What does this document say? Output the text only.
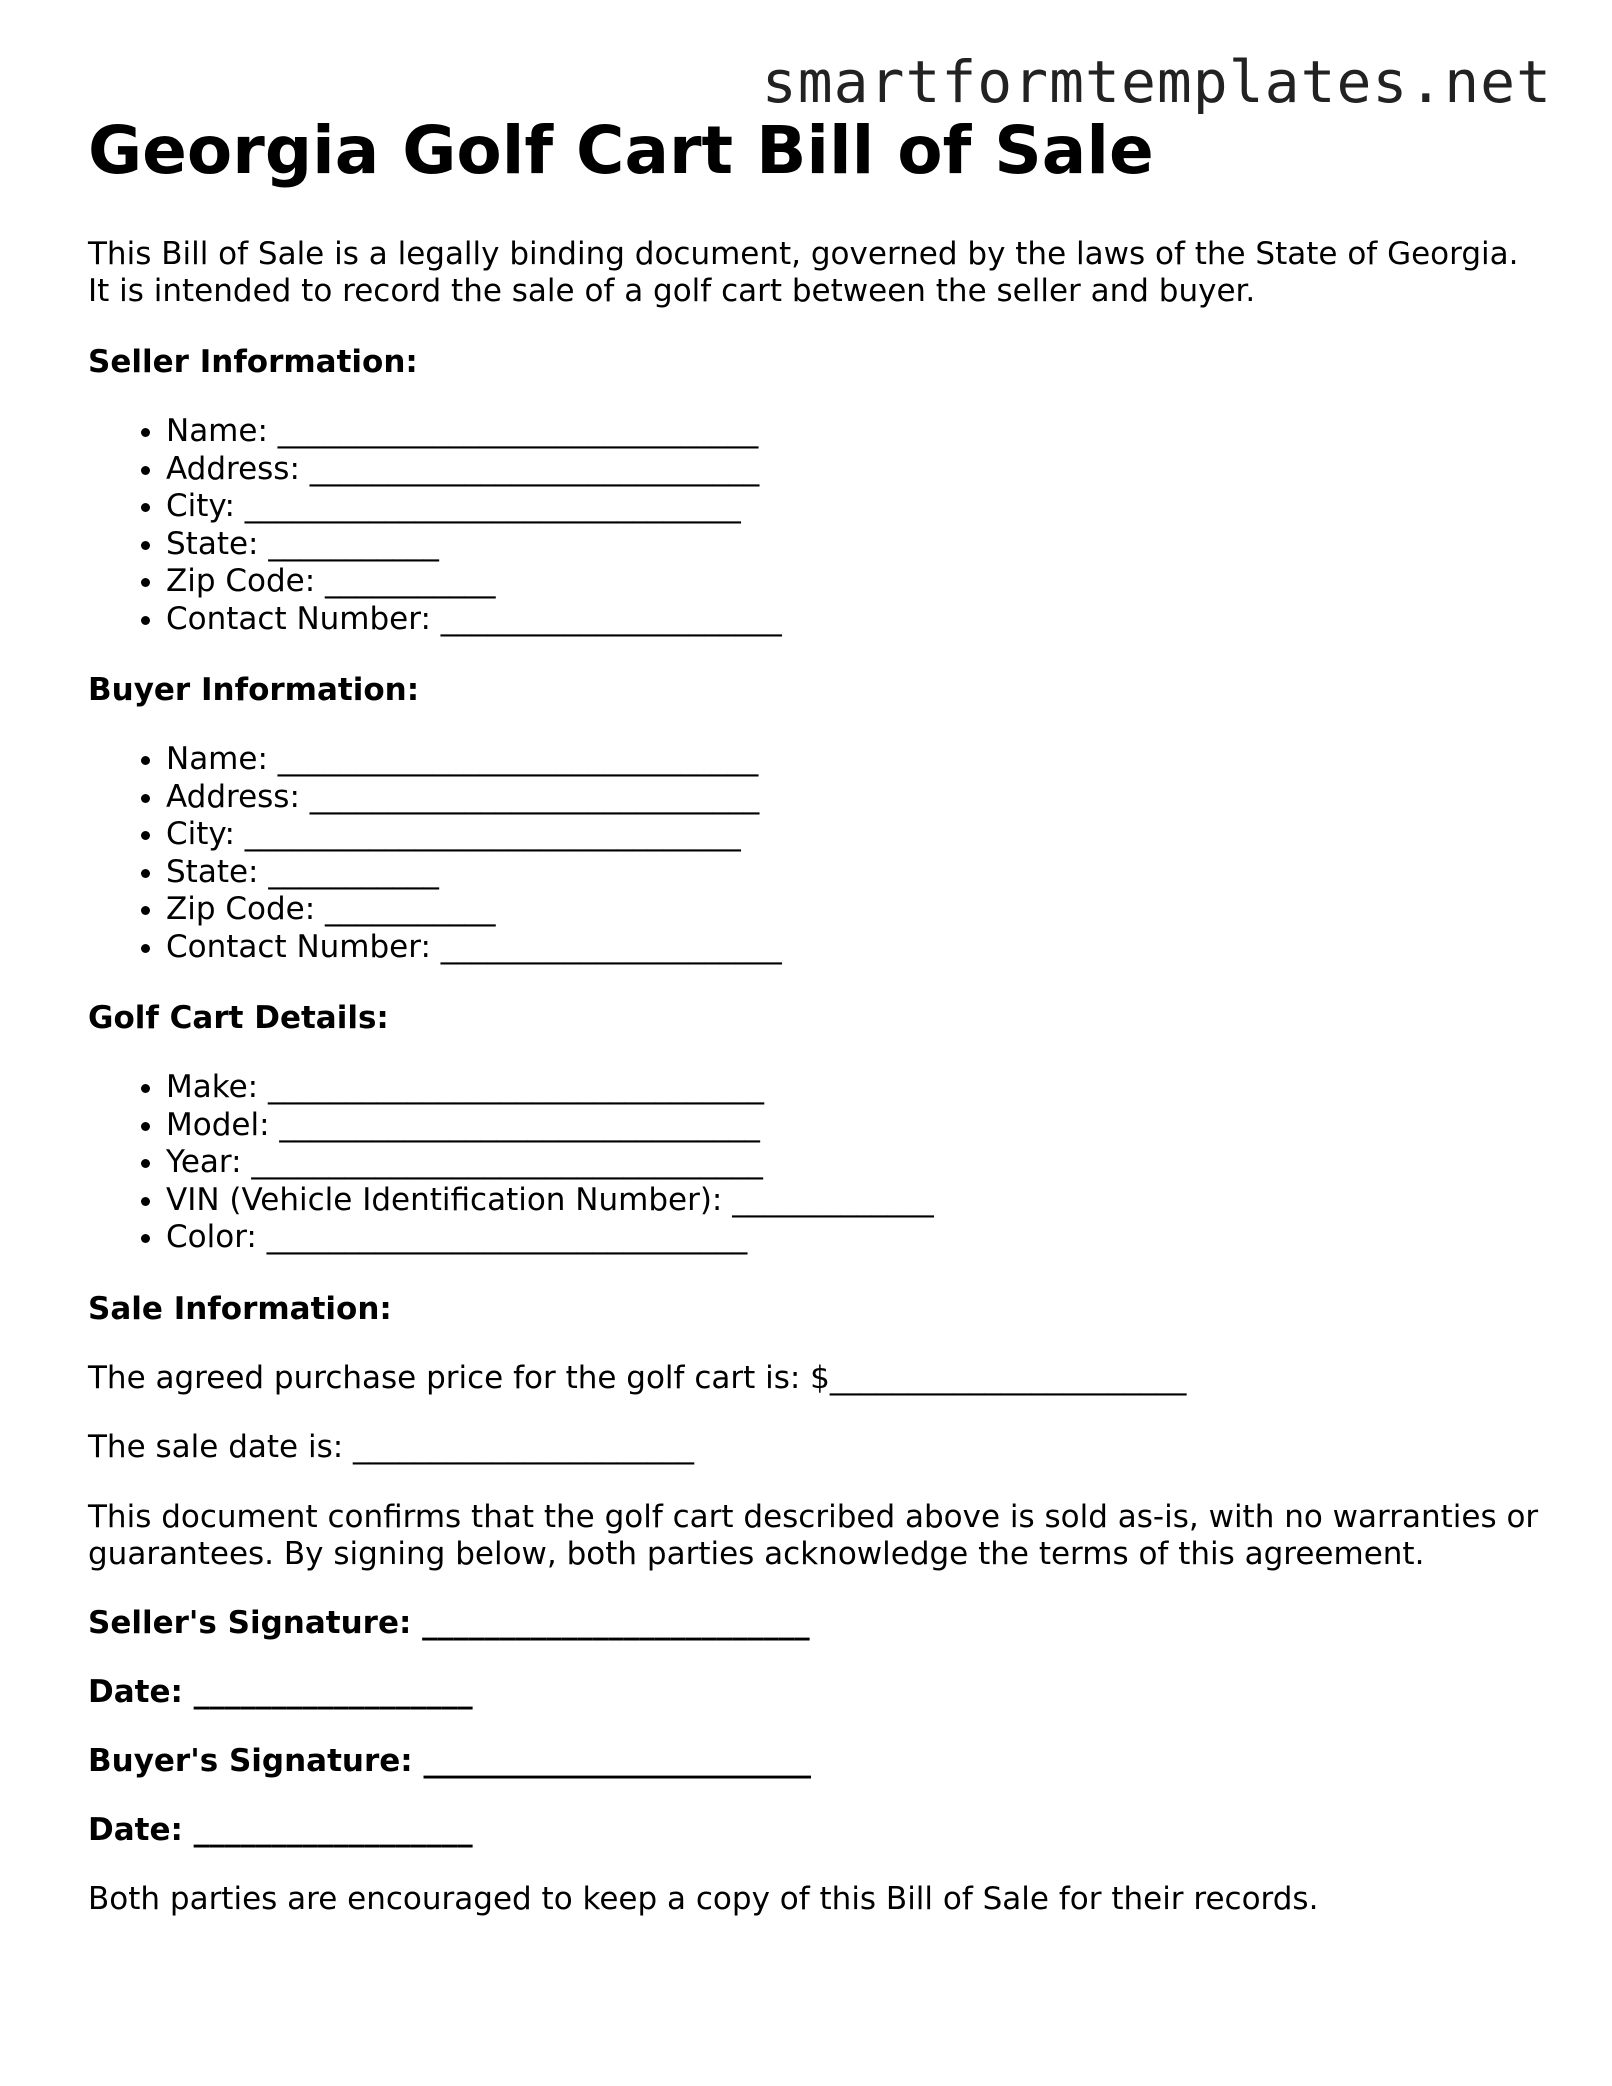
smartformtemplates.net
Georgia Golf Cart Bill of Sale

This Bill of Sale is a legally binding document, governed by the laws of the State of Georgia. It is intended to record the sale of a golf cart between the seller and buyer.

Seller Information:
• Name: _______________________________
• Address: _____________________________
• City: ________________________________
• State: ___________
• Zip Code: ___________
• Contact Number: ______________________
Buyer Information:
• Name: _______________________________
• Address: _____________________________
• City: ________________________________
• State: ___________
• Zip Code: ___________
• Contact Number: ______________________
Golf Cart Details:
• Make: ________________________________
• Model: _______________________________
• Year: _________________________________
• VIN (Vehicle Identification Number): _____________
• Color: _______________________________
Sale Information:

The agreed purchase price for the golf cart is: $_______________________

The sale date is: ______________________

This document confirms that the golf cart described above is sold as-is, with no warranties or guarantees. By signing below, both parties acknowledge the terms of this agreement.

Seller's Signature: _________________________
Date: __________________
Buyer's Signature: _________________________
Date: __________________

Both parties are encouraged to keep a copy of this Bill of Sale for their records.
